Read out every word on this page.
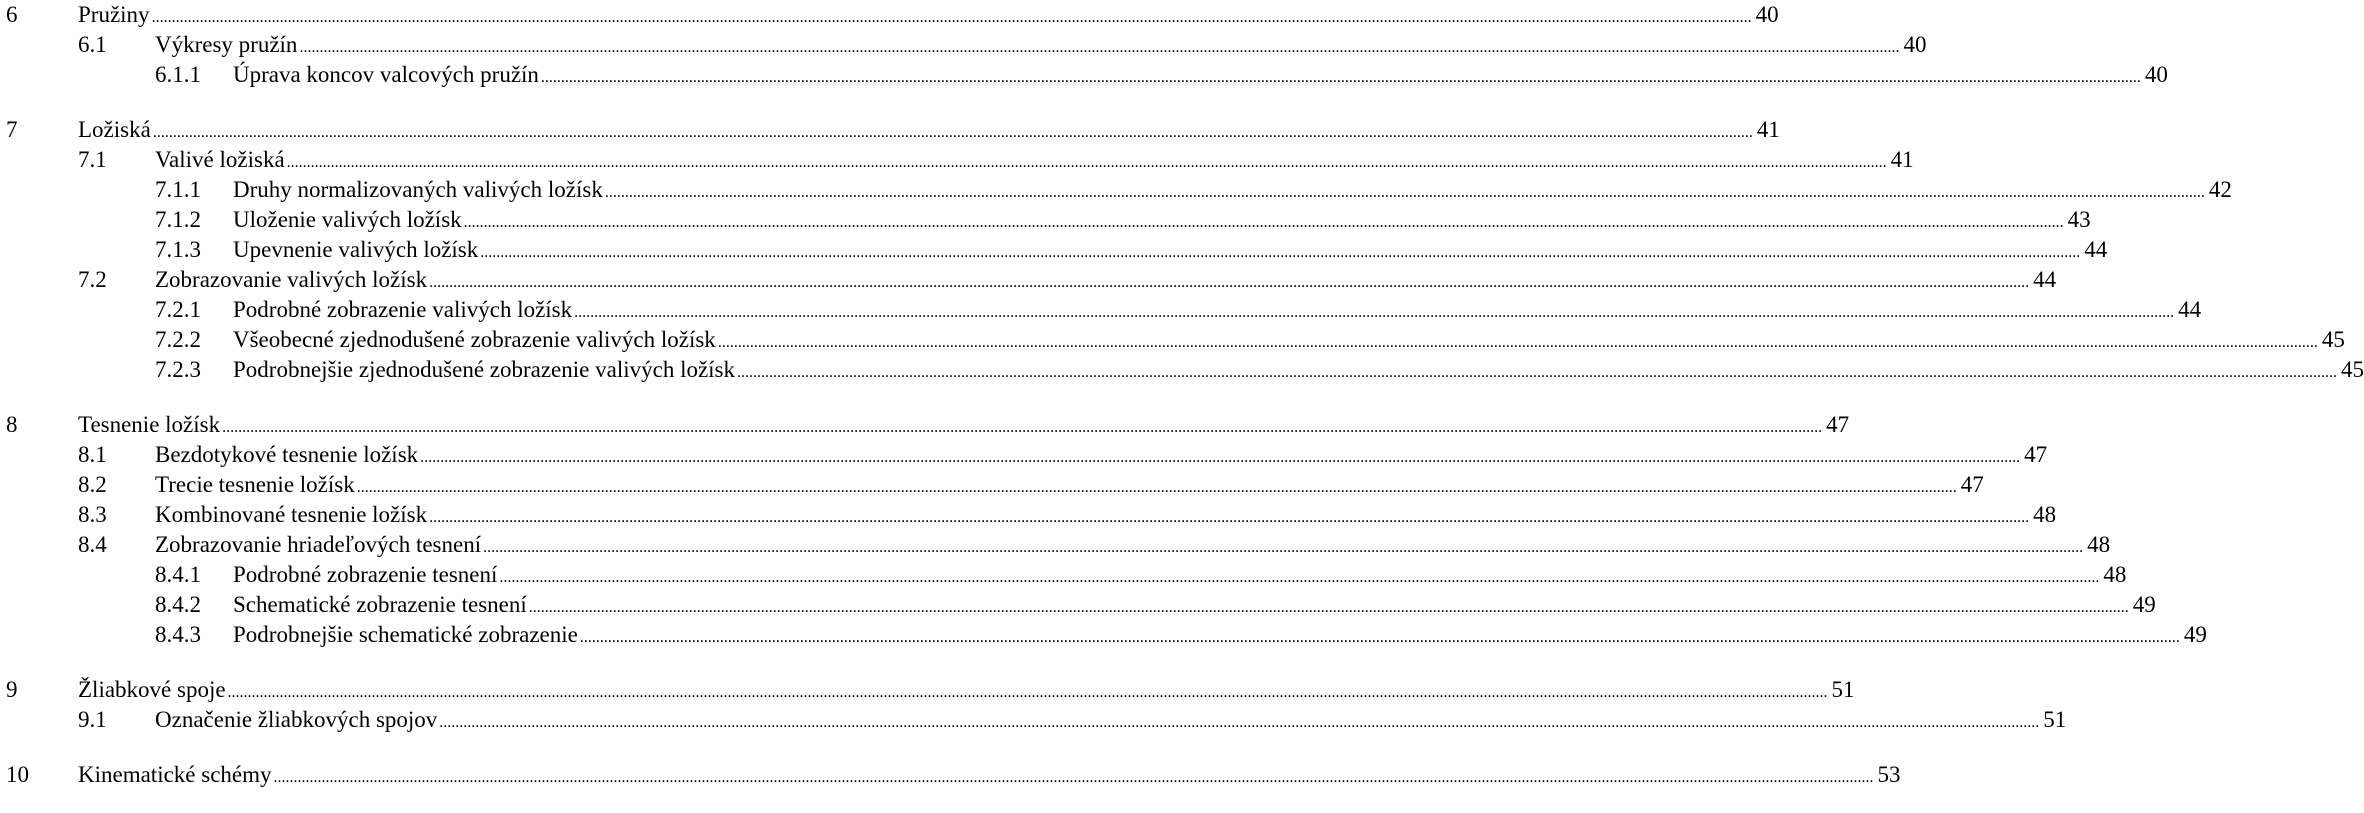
6	Pružiny ................................................................................................................................................................................................................................................................................................................................................................................................................ 40
6.1 Výkresy pružín ................................................................................................................................................................................................................................................................................................................................................................................................................ 40
6.1.1 Úprava koncov valcových pružín ................................................................................................................................................................................................................................................................................................................................................................................................................ 40
7	Ložiská ................................................................................................................................................................................................................................................................................................................................................................................................................ 41
7.1 Valivé ložiská ................................................................................................................................................................................................................................................................................................................................................................................................................ 41
7.1.1 Druhy normalizovaných valivých ložísk ................................................................................................................................................................................................................................................................................................................................................................................................................ 42
7.1.2 Uloženie valivých ložísk ................................................................................................................................................................................................................................................................................................................................................................................................................ 43
7.1.3 Upevnenie valivých ložísk ................................................................................................................................................................................................................................................................................................................................................................................................................ 44
7.2 Zobrazovanie valivých ložísk ................................................................................................................................................................................................................................................................................................................................................................................................................ 44
7.2.1 Podrobné zobrazenie valivých ložísk ................................................................................................................................................................................................................................................................................................................................................................................................................ 44
7.2.2 Všeobecné zjednodušené zobrazenie valivých ložísk ................................................................................................................................................................................................................................................................................................................................................................................................................ 45
7.2.3 Podrobnejšie zjednodušené zobrazenie valivých ložísk ................................................................................................................................................................................................................................................................................................................................................................................................................ 45
8	Tesnenie ložísk ................................................................................................................................................................................................................................................................................................................................................................................................................ 47
8.1 Bezdotykové tesnenie ložísk ................................................................................................................................................................................................................................................................................................................................................................................................................ 47
8.2 Trecie tesnenie ložísk ................................................................................................................................................................................................................................................................................................................................................................................................................ 47
8.3 Kombinované tesnenie ložísk ................................................................................................................................................................................................................................................................................................................................................................................................................ 48
8.4 Zobrazovanie hriadeľových tesnení ................................................................................................................................................................................................................................................................................................................................................................................................................ 48
8.4.1 Podrobné zobrazenie tesnení ................................................................................................................................................................................................................................................................................................................................................................................................................ 48
8.4.2 Schematické zobrazenie tesnení ................................................................................................................................................................................................................................................................................................................................................................................................................ 49
8.4.3 Podrobnejšie schematické zobrazenie ................................................................................................................................................................................................................................................................................................................................................................................................................ 49
9	Žliabkové spoje ................................................................................................................................................................................................................................................................................................................................................................................................................ 51
9.1 Označenie žliabkových spojov ................................................................................................................................................................................................................................................................................................................................................................................................................ 51
10 Kinematické schémy ................................................................................................................................................................................................................................................................................................................................................................................................................ 53
